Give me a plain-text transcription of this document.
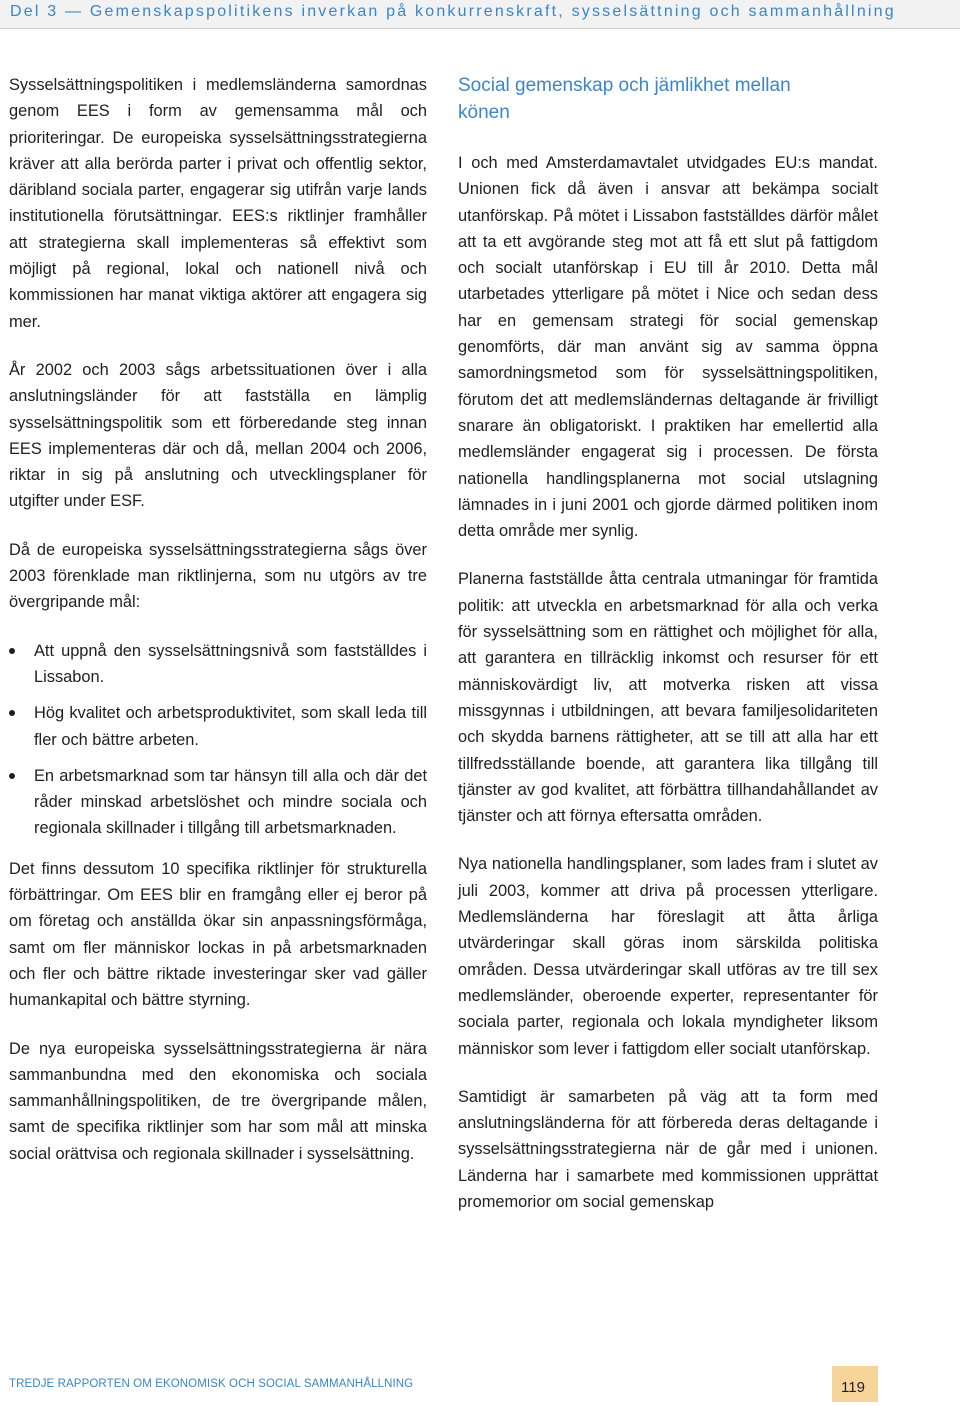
Del 3 — Gemenskapspolitikens inverkan på konkurrenskraft, sysselsättning och sammanhållning

Sysselsättningspolitiken i medlemsländerna samordnas genom EES i form av gemensamma mål och prioriteringar. De europeiska sysselsättningsstrategierna kräver att alla berörda parter i privat och offentlig sektor, däribland sociala parter, engagerar sig utifrån varje lands institutionella förutsättningar. EES:s riktlinjer framhåller att strategierna skall implementeras så effektivt som möjligt på regional, lokal och nationell nivå och kommissionen har manat viktiga aktörer att engagera sig mer.

År 2002 och 2003 sågs arbetssituationen över i alla anslutningsländer för att fastställa en lämplig sysselsättningspolitik som ett förberedande steg innan EES implementeras där och då, mellan 2004 och 2006, riktar in sig på anslutning och utvecklingsplaner för utgifter under ESF.

Då de europeiska sysselsättningsstrategierna sågs över 2003 förenklade man riktlinjerna, som nu utgörs av tre övergripande mål:

Att uppnå den sysselsättningsnivå som fastställdes i Lissabon.

Hög kvalitet och arbetsproduktivitet, som skall leda till fler och bättre arbeten.

En arbetsmarknad som tar hänsyn till alla och där det råder minskad arbetslöshet och mindre sociala och regionala skillnader i tillgång till arbetsmarknaden.

Det finns dessutom 10 specifika riktlinjer för strukturella förbättringar. Om EES blir en framgång eller ej beror på om företag och anställda ökar sin anpassningsförmåga, samt om fler människor lockas in på arbetsmarknaden och fler och bättre riktade investeringar sker vad gäller humankapital och bättre styrning.

De nya europeiska sysselsättningsstrategierna är nära sammanbundna med den ekonomiska och sociala sammanhållningspolitiken, de tre övergripande målen, samt de specifika riktlinjer som har som mål att minska social orättvisa och regionala skillnader i sysselsättning.

Social gemenskap och jämlikhet mellan könen

I och med Amsterdamavtalet utvidgades EU:s mandat. Unionen fick då även i ansvar att bekämpa socialt utanförskap. På mötet i Lissabon fastställdes därför målet att ta ett avgörande steg mot att få ett slut på fattigdom och socialt utanförskap i EU till år 2010. Detta mål utarbetades ytterligare på mötet i Nice och sedan dess har en gemensam strategi för social gemenskap genomförts, där man använt sig av samma öppna samordningsmetod som för sysselsättningspolitiken, förutom det att medlemsländernas deltagande är frivilligt snarare än obligatoriskt. I praktiken har emellertid alla medlemsländer engagerat sig i processen. De första nationella handlingsplanerna mot social utslagning lämnades in i juni 2001 och gjorde därmed politiken inom detta område mer synlig.

Planerna fastställde åtta centrala utmaningar för framtida politik: att utveckla en arbetsmarknad för alla och verka för sysselsättning som en rättighet och möjlighet för alla, att garantera en tillräcklig inkomst och resurser för ett människovärdigt liv, att motverka risken att vissa missgynnas i utbildningen, att bevara familjesolidariteten och skydda barnens rättigheter, att se till att alla har ett tillfredsställande boende, att garantera lika tillgång till tjänster av god kvalitet, att förbättra tillhandahållandet av tjänster och att förnya eftersatta områden.

Nya nationella handlingsplaner, som lades fram i slutet av juli 2003, kommer att driva på processen ytterligare. Medlemsländerna har föreslagit att åtta årliga utvärderingar skall göras inom särskilda politiska områden. Dessa utvärderingar skall utföras av tre till sex medlemsländer, oberoende experter, representanter för sociala parter, regionala och lokala myndigheter liksom människor som lever i fattigdom eller socialt utanförskap.

Samtidigt är samarbeten på väg att ta form med anslutningsländerna för att förbereda deras deltagande i sysselsättningsstrategierna när de går med i unionen. Länderna har i samarbete med kommissionen upprättat promemorior om social gemenskap

TREDJE RAPPORTEN OM EKONOMISK OCH SOCIAL SAMMANHÅLLNING	119
